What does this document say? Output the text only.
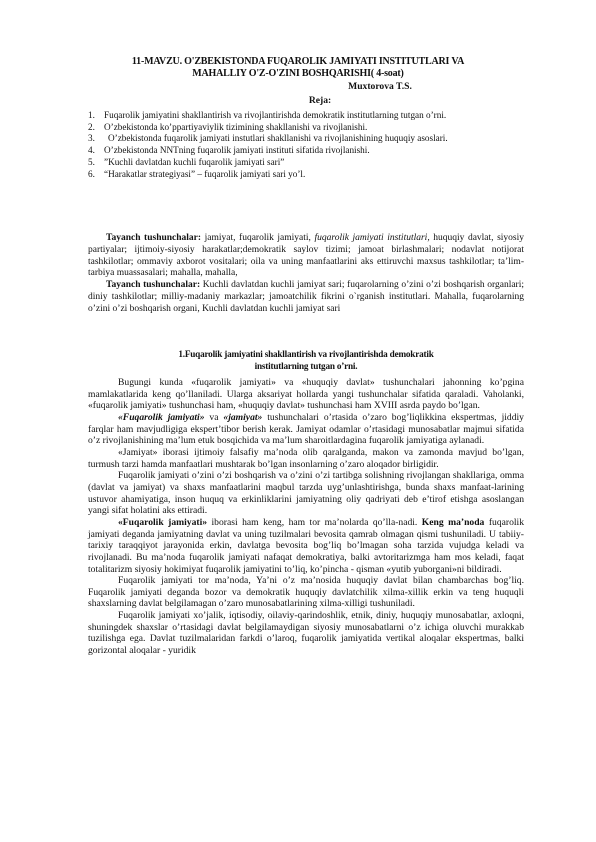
11-MAVZU. O'ZBEKISTONDA FUQAROLIK JAMIYATI INSTITUTLARI VA
MAHALLIY O'Z-O'ZINI BOSHQARISHI( 4-soat)
Muxtorova T.S.
Reja:
1. Fuqarolik jamiyatini shakllantirish va rivojlantirishda demokratik institutlarning tutgan o’rni.
2. O’zbekistonda ko’ppartiyaviylik tizimining shakllanishi va rivojlanishi.
3.	O’zbekistonda fuqarolik jamiyati instutlari shakllanishi va rivojlanishining huquqiy asoslari.
4. O’zbekistonda NNTning fuqarolik jamiyati instituti sifatida rivojlanishi.
5. ”Kuchli davlatdan kuchli fuqarolik jamiyati sari”
6. “Harakatlar strategiyasi” – fuqarolik jamiyati sari yo’l.

Tayanch tushunchalar: jamiyat, fuqarolik jamiyati, fuqarolik jamiyati institutlari, huquqiy davlat, siyosiy partiyalar; ijtimoiy-siyosiy harakatlar;demokratik saylov tizimi; jamoat birlashmalari; nodavlat notijorat tashkilotlar; ommaviy axborot vositalari; oila va uning manfaatlarini aks ettiruvchi maxsus tashkilotlar; ta’lim-tarbiya muassasalari; mahalla, mahalla,

Tayanch tushunchalar: Kuchli davlatdan kuchli jamiyat sari; fuqarolarning o’zini o’zi boshqarish organlari; diniy tashkilotlar; milliy-madaniy markazlar; jamoatchilik fikrini o`rganish institutlari. Mahalla, fuqarolarning o’zini o’zi boshqarish organi, Kuchli davlatdan kuchli jamiyat sari

1.Fuqarolik jamiyatini shakllantirish va rivojlantirishda demokratik
institutlarning tutgan o’rni.

Bugungi kunda «fuqarolik jamiyati» va «huquqiy davlat» tushunchalari jahonning ko’pgina mamlakatlarida keng qo’llaniladi. Ularga aksariyat hollarda yangi tushunchalar sifatida qaraladi. Vaholanki, «fuqarolik jamiyati» tushunchasi ham, «huquqiy davlat» tushunchasi ham XVIII asrda paydo bo’lgan.

«Fuqarolik jamiyati» va «jamiyat» tushunchalari o’rtasida o’zaro bog’liqlikkina ekspertmas, jiddiy farqlar ham mavjudligiga ekspert’tibor berish kerak. Jamiyat odamlar o’rtasidagi munosabatlar majmui sifatida o’z rivojlanishining ma’lum etuk bosqichida va ma’lum sharoitlardagina fuqarolik jamiyatiga aylanadi.

«Jamiyat» iborasi ijtimoiy falsafiy ma’noda olib qaralganda, makon va zamonda mavjud bo’lgan, turmush tarzi hamda manfaatlari mushtarak bo’lgan insonlarning o’zaro aloqador birligidir.

Fuqarolik jamiyati o’zini o’zi boshqarish va o’zini o’zi tartibga solishning rivojlangan shakllariga, omma (davlat va jamiyat) va shaxs manfaatlarini maqbul tarzda uyg’unlashtirishga, bunda shaxs manfaat-larining ustuvor ahamiyatiga, inson huquq va erkinliklarini jamiyatning oliy qadriyati deb e’tirof etishga asoslangan yangi sifat holatini aks ettiradi.

«Fuqarolik jamiyati» iborasi ham keng, ham tor ma’nolarda qo’lla-nadi. Keng ma’noda fuqarolik jamiyati deganda jamiyatning davlat va uning tuzilmalari bevosita qamrab olmagan qismi tushuniladi. U tabiiy-tarixiy taraqqiyot jarayonida erkin, davlatga bevosita bog’liq bo’lmagan soha tarzida vujudga keladi va rivojlanadi. Bu ma’noda fuqarolik jamiyati nafaqat demokratiya, balki avtoritarizmga ham mos keladi, faqat totalitarizm siyosiy hokimiyat fuqarolik jamiyatini to’liq, ko’pincha - qisman «yutib yuborgani»ni bildiradi.

Fuqarolik jamiyati tor ma’noda, Ya’ni o’z ma’nosida huquqiy davlat bilan chambarchas bog’liq. Fuqarolik jamiyati deganda bozor va demokratik huquqiy davlatchilik xilma-xillik erkin va teng huquqli shaxslarning davlat belgilamagan o’zaro munosabatlarining xilma-xilligi tushuniladi.

Fuqarolik jamiyati xo’jalik, iqtisodiy, oilaviy-qarindoshlik, etnik, diniy, huquqiy munosabatlar, axloqni, shuningdek shaxslar o’rtasidagi davlat belgilamaydigan siyosiy munosabatlarni o’z ichiga oluvchi murakkab tuzilishga ega. Davlat tuzilmalaridan farkdi o’laroq, fuqarolik jamiyatida vertikal aloqalar ekspertmas, balki gorizontal aloqalar - yuridik
